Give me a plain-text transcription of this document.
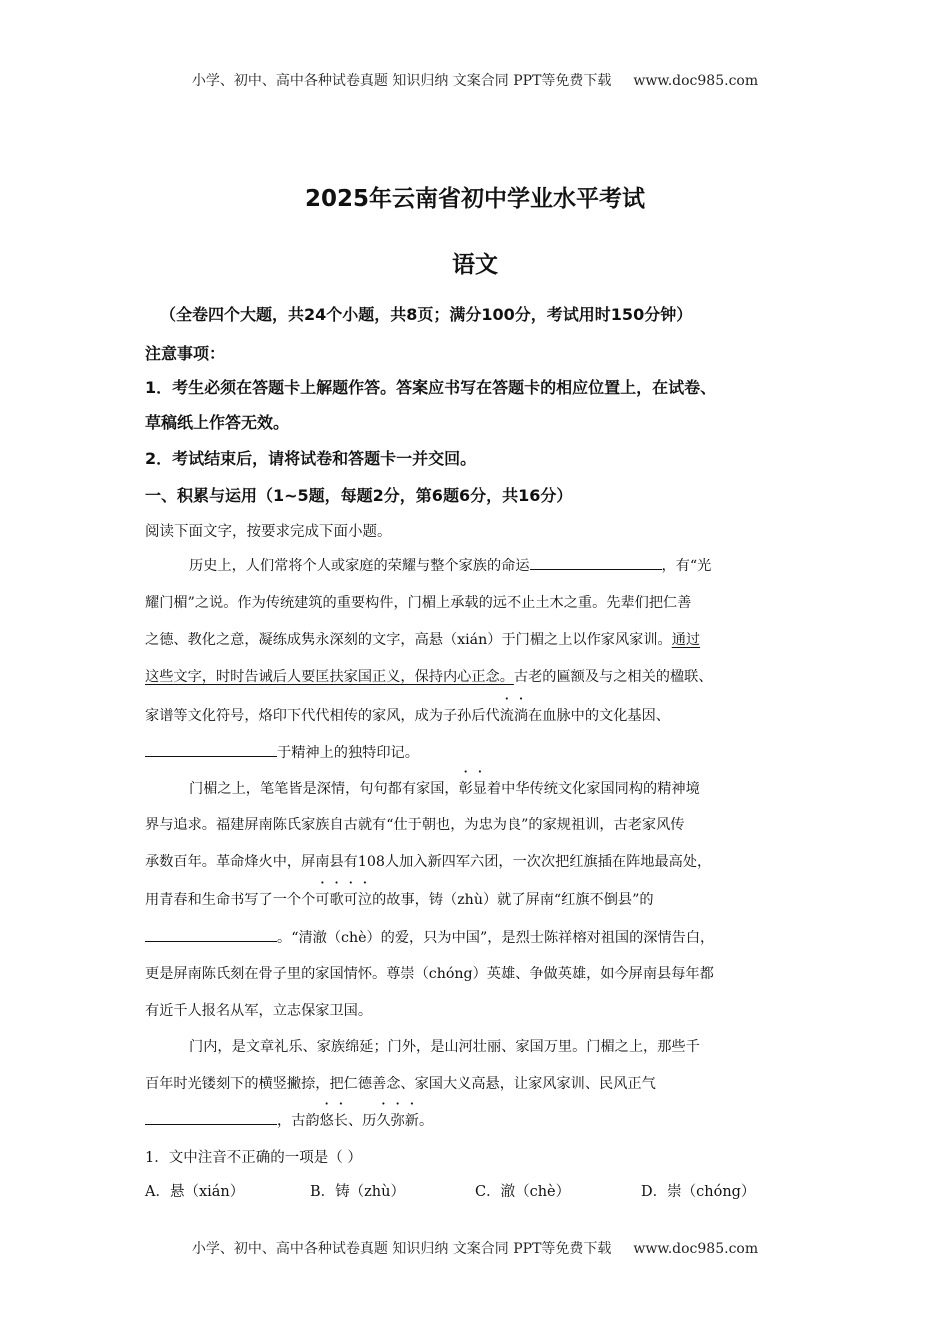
小学、初中、高中各种试卷真题 知识归纳 文案合同 PPT等免费下载 www.doc985.com
2025年云南省初中学业水平考试
语文
（全卷四个大题，共24个小题，共8页；满分100分，考试用时150分钟）
注意事项：
1．考生必须在答题卡上解题作答。答案应书写在答题卡的相应位置上，在试卷、
草稿纸上作答无效。
2．考试结束后，请将试卷和答题卡一并交回。
一、积累与运用（1~5题，每题2分，第6题6分，共16分）
阅读下面文字，按要求完成下面小题。
历史上，人们常将个人或家庭的荣耀与整个家族的命运	，有“光
耀门楣”之说。作为传统建筑的重要构件，门楣上承载的远不止土木之重。先辈们把仁善
之德、教化之意，凝练成隽永深刻的文字，高悬（xián）于门楣之上以作家风家训。通过
这些文字，时时告诫后人要匡扶家国正义，保持内心正念。古老的匾额及与之相关的楹联、
家谱等文化符号，烙印下代代相传的家风，成为子孙后代流淌在血脉中的文化基因、
于精神上的独特印记。
门楣之上，笔笔皆是深情，句句都有家国，彰显着中华传统文化家国同构的精神境
界与追求。福建屏南陈氏家族自古就有“仕于朝也，为忠为良”的家规祖训，古老家风传
承数百年。革命烽火中，屏南县有108人加入新四军六团，一次次把红旗插在阵地最高处，
用青春和生命书写了一个个可歌可泣的故事，铸（zhù）就了屏南“红旗不倒县”的
。“清澈（chè）的爱，只为中国”，是烈士陈祥榕对祖国的深情告白，
更是屏南陈氏刻在骨子里的家国情怀。尊崇（chóng）英雄、争做英雄，如今屏南县每年都
有近千人报名从军，立志保家卫国。
门内，是文章礼乐、家族绵延；门外，是山河壮丽、家国万里。门楣之上，那些千
百年时光镂刻下的横竖撇捺，把仁德善念、家国大义高悬，让家风家训、民风正气
，古韵悠长、历久弥新。
1．文中注音不正确的一项是（ ）
A．悬（xián）	B．铸（zhù）	C．澈（chè）	D．崇（chóng）
小学、初中、高中各种试卷真题 知识归纳 文案合同 PPT等免费下载 www.doc985.com
